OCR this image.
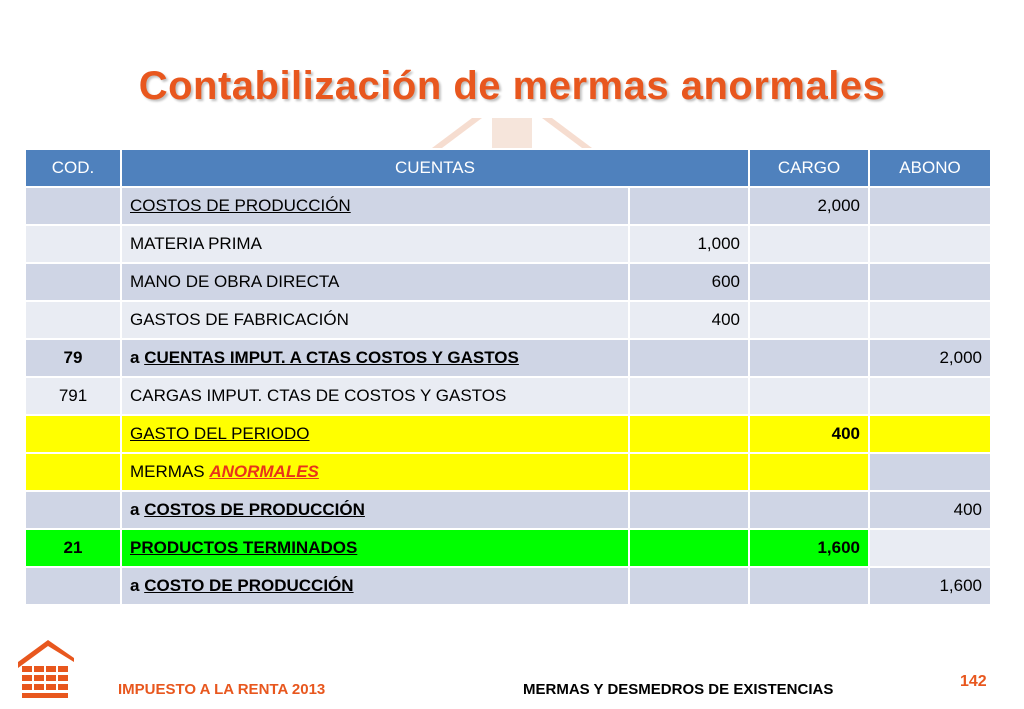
Contabilización de mermas anormales
COD.	CUENTAS		CARGO	ABONO
	COSTOS DE PRODUCCIÓN		2,000	
	MATERIA PRIMA	1,000		
	MANO DE OBRA DIRECTA	600		
	GASTOS DE FABRICACIÓN	400		
79	a CUENTAS IMPUT. A CTAS COSTOS Y GASTOS			2,000
791	CARGAS IMPUT. CTAS DE COSTOS Y GASTOS			
	GASTO DEL PERIODO		400	
	MERMAS ANORMALES			
	a COSTOS DE PRODUCCIÓN			400
21	PRODUCTOS TERMINADOS		1,600	
	a COSTO DE PRODUCCIÓN			1,600
IMPUESTO A LA RENTA 2013	MERMAS Y DESMEDROS DE EXISTENCIAS	142
